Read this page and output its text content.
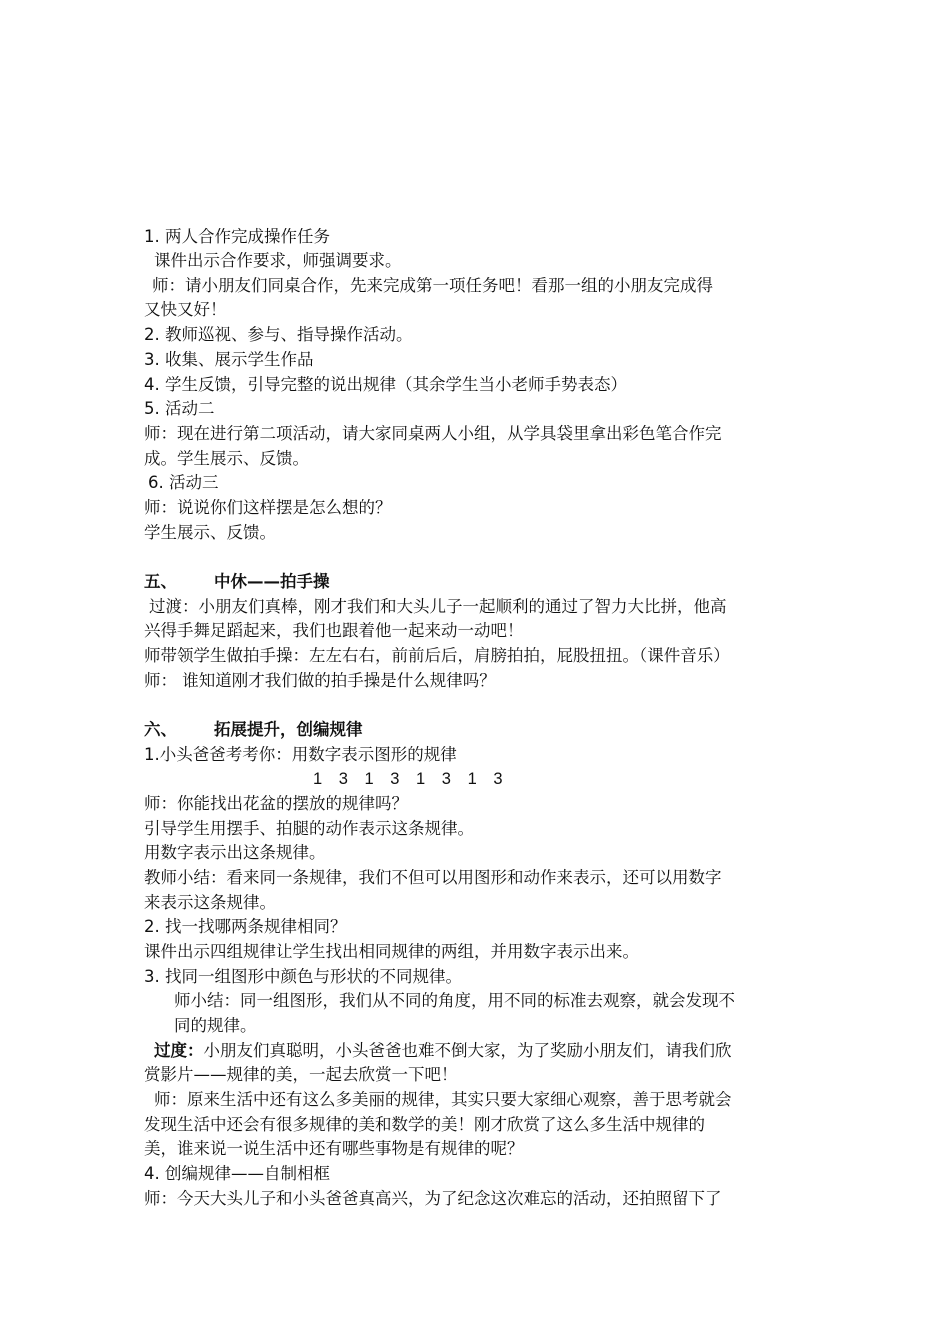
1. 两人合作完成操作任务
课件出示合作要求，师强调要求。
师：请小朋友们同桌合作，先来完成第一项任务吧！看那一组的小朋友完成得
又快又好！
2. 教师巡视、参与、指导操作活动。
3. 收集、展示学生作品
4. 学生反馈，引导完整的说出规律（其余学生当小老师手势表态）
5. 活动二
师：现在进行第二项活动，请大家同桌两人小组，从学具袋里拿出彩色笔合作完
成。学生展示、反馈。
6. 活动三
师：说说你们这样摆是怎么想的？
学生展示、反馈。
五、 中休——拍手操
过渡：小朋友们真棒，刚才我们和大头儿子一起顺利的通过了智力大比拼，他高
兴得手舞足蹈起来，我们也跟着他一起来动一动吧！
师带领学生做拍手操：左左右右，前前后后，肩膀拍拍，屁股扭扭。（课件音乐）
师： 谁知道刚才我们做的拍手操是什么规律吗？
六、 拓展提升，创编规律
1.小头爸爸考考你：用数字表示图形的规律
1 3 1 3 1 3 1 3
师：你能找出花盆的摆放的规律吗？
引导学生用摆手、拍腿的动作表示这条规律。
用数字表示出这条规律。
教师小结：看来同一条规律，我们不但可以用图形和动作来表示，还可以用数字
来表示这条规律。
2. 找一找哪两条规律相同？
课件出示四组规律让学生找出相同规律的两组，并用数字表示出来。
3. 找同一组图形中颜色与形状的不同规律。
师小结：同一组图形，我们从不同的角度，用不同的标准去观察，就会发现不
同的规律。
过度：小朋友们真聪明，小头爸爸也难不倒大家，为了奖励小朋友们，请我们欣
赏影片——规律的美，一起去欣赏一下吧！
师：原来生活中还有这么多美丽的规律，其实只要大家细心观察，善于思考就会
发现生活中还会有很多规律的美和数学的美！刚才欣赏了这么多生活中规律的
美，谁来说一说生活中还有哪些事物是有规律的呢？
4. 创编规律——自制相框
师：今天大头儿子和小头爸爸真高兴，为了纪念这次难忘的活动，还拍照留下了
